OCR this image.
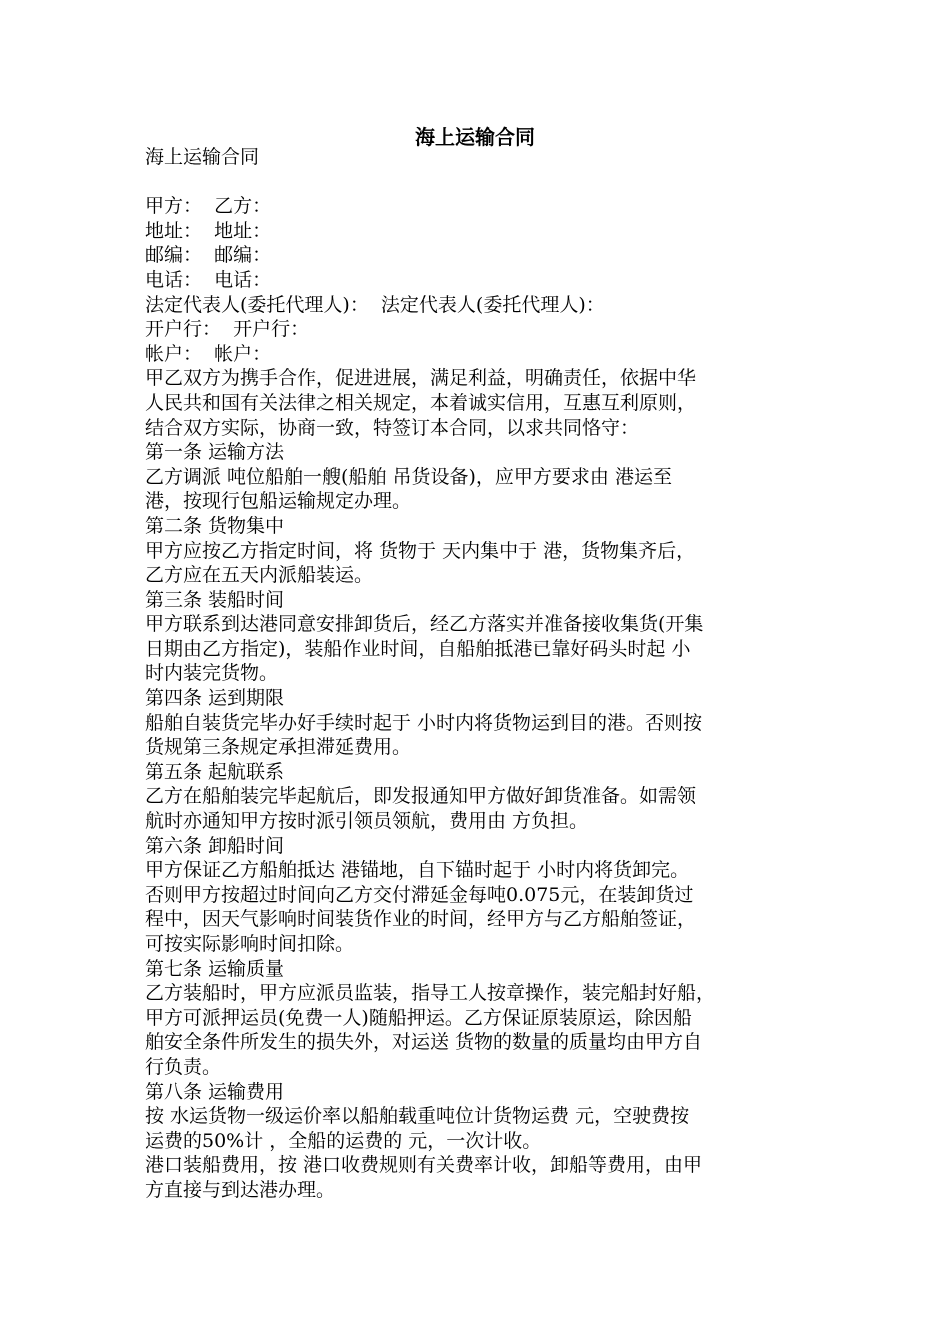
海上运输合同
海上运输合同
甲方：  乙方：
地址：  地址：
邮编：  邮编：
电话：  电话：
法定代表人(委托代理人)：  法定代表人(委托代理人)：
开户行：  开户行：
帐户：  帐户：
甲乙双方为携手合作，促进进展，满足利益，明确责任，依据中华
人民共和国有关法律之相关规定，本着诚实信用，互惠互利原则，
结合双方实际，协商一致，特签订本合同，以求共同恪守：
第一条 运输方法
乙方调派 吨位船舶一艘(船舶 吊货设备)，应甲方要求由 港运至
港，按现行包船运输规定办理。
第二条 货物集中
甲方应按乙方指定时间，将 货物于 天内集中于 港，货物集齐后，
乙方应在五天内派船装运。
第三条 装船时间
甲方联系到达港同意安排卸货后，经乙方落实并准备接收集货(开集
日期由乙方指定)，装船作业时间，自船舶抵港已靠好码头时起 小
时内装完货物。
第四条 运到期限
船舶自装货完毕办好手续时起于 小时内将货物运到目的港。否则按
货规第三条规定承担滞延费用。
第五条 起航联系
乙方在船舶装完毕起航后，即发报通知甲方做好卸货准备。如需领
航时亦通知甲方按时派引领员领航，费用由 方负担。
第六条 卸船时间
甲方保证乙方船舶抵达 港锚地，自下锚时起于 小时内将货卸完。
否则甲方按超过时间向乙方交付滞延金每吨0.075元，在装卸货过
程中，因天气影响时间装货作业的时间，经甲方与乙方船舶签证，
可按实际影响时间扣除。
第七条 运输质量
乙方装船时，甲方应派员监装，指导工人按章操作，装完船封好船，
甲方可派押运员(免费一人)随船押运。乙方保证原装原运，除因船
舶安全条件所发生的损失外，对运送 货物的数量的质量均由甲方自
行负责。
第八条 运输费用
按 水运货物一级运价率以船舶载重吨位计货物运费 元，空驶费按
运费的50%计 ，全船的运费的 元，一次计收。
港口装船费用，按 港口收费规则有关费率计收，卸船等费用，由甲
方直接与到达港办理。
